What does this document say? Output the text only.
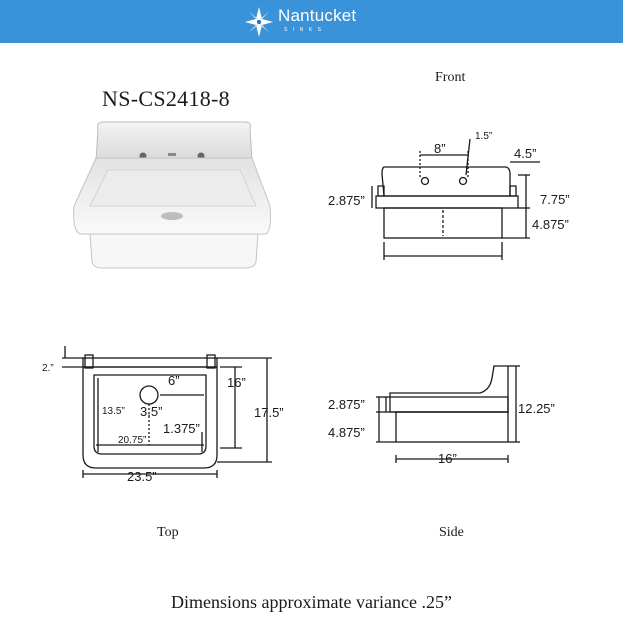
Nantucket
SINKS
NS-CS2418-8
Front
Top	Side
8”
1.5”
4.5”
2.875”	7.75”
4.875”
2.”
6”
13.5” 3.5”
1.375”
20.75”
23.5”
16”
17.5”
2.875”
4.875”
12.25”
16”
Dimensions approximate variance .25”
